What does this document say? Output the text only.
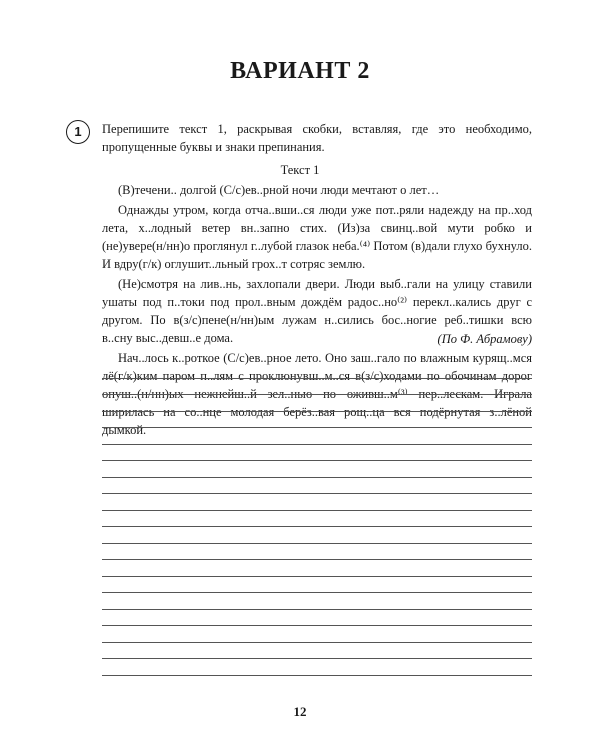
ВАРИАНТ 2
1	Перепишите текст 1, раскрывая скобки, вставляя, где это необходимо, пропущенные буквы и знаки препинания.
Текст 1

(В)течени.. долгой (С/с)ев..рной ночи люди мечтают о лет…

Однажды утром, когда отча..вши..ся люди уже пот..ряли надежду на пр..ход лета, х..лодный ветер вн..запно стих. (Из)за свинц..вой мути робко и (не)увере(н/нн)о проглянул г..лубой глазок неба.⁽⁴⁾ Потом (в)дали глухо бухнуло. И вдру(г/к) оглушит..льный грох..т сотряс землю.

(Не)смотря на лив..нь, захлопали двери. Люди выб..гали на улицу ставили ушаты под п..токи под прол..вным дождём радос..но⁽²⁾ перекл..кались друг с другом. По в(з/с)пене(н/нн)ым лужам н..сились бос..ногие реб..тишки всю в..сну выс..девш..е дома.

Нач..лось к..роткое (С/с)ев..рное лето. Оно заш..гало по влажным курящ..мся лё(г/к)ким паром п..лям с проклюнувш..м..ся в(з/с)ходами по обочинам дорог опуш..(н/нн)ых нежнейш..й зел..нью по оживш..м⁽³⁾ пер..лескам. Играла ширилась на со..нце молодая берёз..вая рощ..ца вся подёрнутая з..лёной дымкой.

(По Ф. Абрамову)
12
